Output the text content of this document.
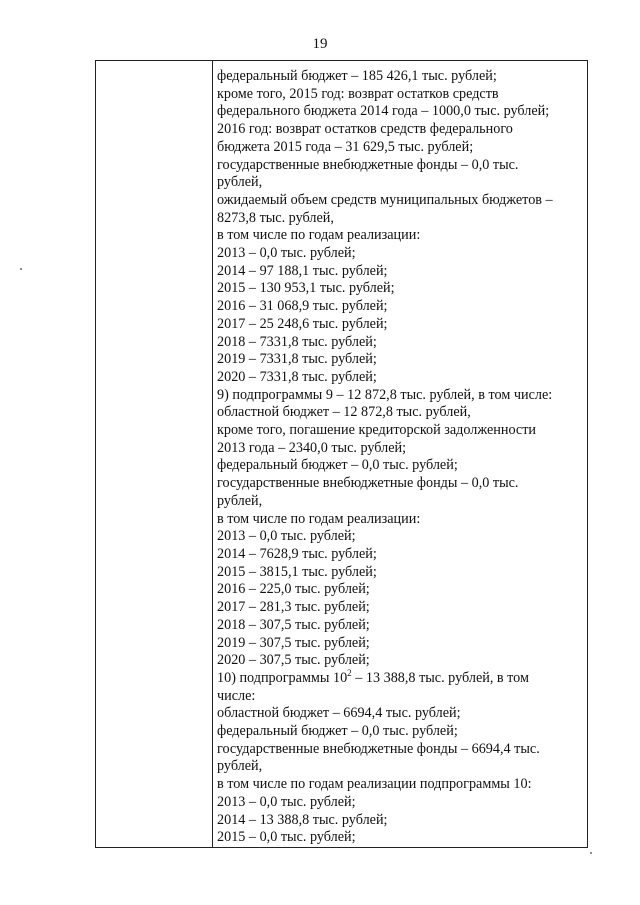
19
федеральный бюджет – 185 426,1 тыс. рублей;
кроме того, 2015 год: возврат остатков средств
федерального бюджета 2014 года – 1000,0 тыс. рублей;
2016 год: возврат остатков средств федерального
бюджета 2015 года – 31 629,5 тыс. рублей;
государственные внебюджетные фонды – 0,0 тыс.
рублей,
ожидаемый объем средств муниципальных бюджетов –
8273,8 тыс. рублей,
в том числе по годам реализации:
2013 – 0,0 тыс. рублей;
2014 – 97 188,1 тыс. рублей;
2015 – 130 953,1 тыс. рублей;
2016 – 31 068,9 тыс. рублей;
2017 – 25 248,6 тыс. рублей;
2018 – 7331,8 тыс. рублей;
2019 – 7331,8 тыс. рублей;
2020 – 7331,8 тыс. рублей;
9) подпрограммы 9 – 12 872,8 тыс. рублей, в том числе:
областной бюджет – 12 872,8 тыс. рублей,
кроме того, погашение кредиторской задолженности
2013 года – 2340,0 тыс. рублей;
федеральный бюджет – 0,0 тыс. рублей;
государственные внебюджетные фонды – 0,0 тыс.
рублей,
в том числе по годам реализации:
2013 – 0,0 тыс. рублей;
2014 – 7628,9 тыс. рублей;
2015 – 3815,1 тыс. рублей;
2016 – 225,0 тыс. рублей;
2017 – 281,3 тыс. рублей;
2018 – 307,5 тыс. рублей;
2019 – 307,5 тыс. рублей;
2020 – 307,5 тыс. рублей;
10) подпрограммы $10^2 - 13$ 388,8 тыс. рублей, в том
числе:
областной бюджет – 6694,4 тыс. рублей;
федеральный бюджет – 0,0 тыс. рублей;
государственные внебюджетные фонды – 6694,4 тыс.
рублей,
в том числе по годам реализации подпрограммы 10:
2013 – 0,0 тыс. рублей;
2014 – 13 388,8 тыс. рублей;
2015 – 0,0 тыс. рублей;
